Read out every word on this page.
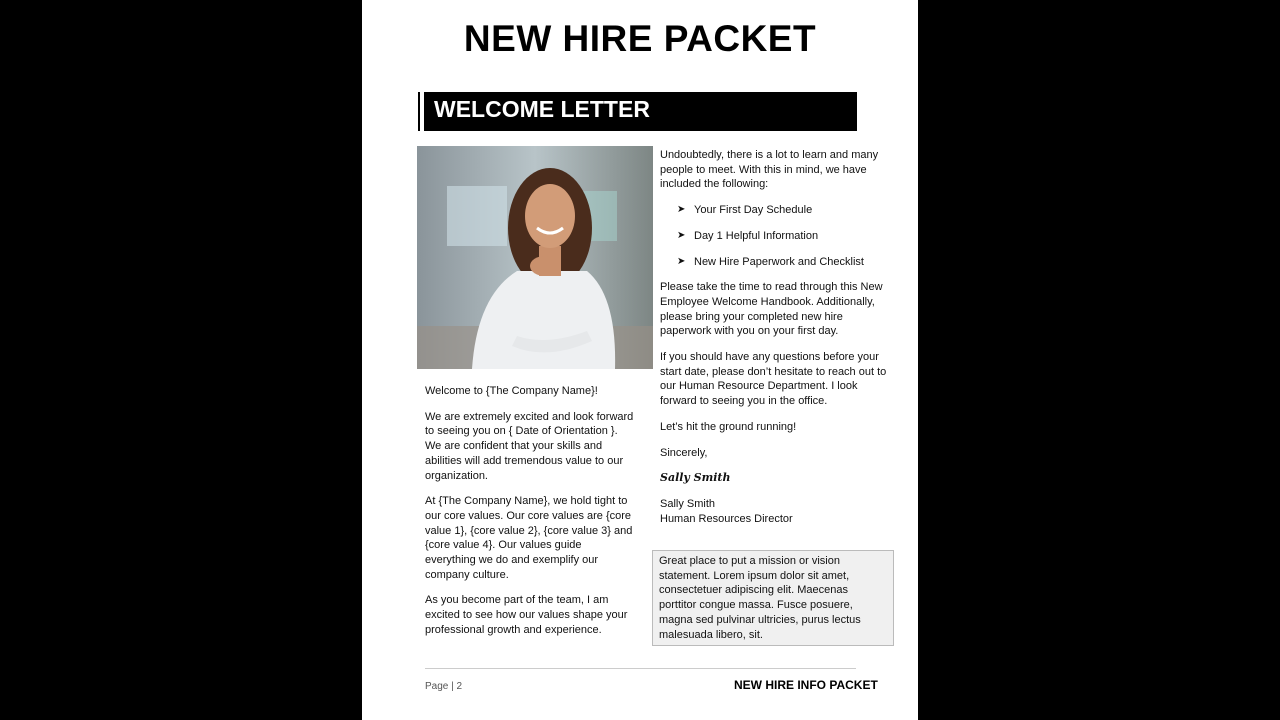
NEW HIRE PACKET
WELCOME LETTER

Welcome to {The Company Name}!

We are extremely excited and look forward to seeing you on { Date of Orientation }. We are confident that your skills and abilities will add tremendous value to our organization.

At {The Company Name}, we hold tight to our core values. Our core values are {core value 1}, {core value 2}, {core value 3} and {core value 4}. Our values guide everything we do and exemplify our company culture.

As you become part of the team, I am excited to see how our values shape your professional growth and experience.

Undoubtedly, there is a lot to learn and many people to meet. With this in mind, we have included the following:

➤ Your First Day Schedule
➤ Day 1 Helpful Information
➤ New Hire Paperwork and Checklist

Please take the time to read through this New Employee Welcome Handbook. Additionally, please bring your completed new hire paperwork with you on your first day.

If you should have any questions before your start date, please don’t hesitate to reach out to our Human Resource Department. I look forward to seeing you in the office.

Let’s hit the ground running!

Sincerely,

Sally Smith

Sally Smith

Human Resources Director

Great place to put a mission or vision statement. Lorem ipsum dolor sit amet, consectetuer adipiscing elit. Maecenas porttitor congue massa. Fusce posuere, magna sed pulvinar ultricies, purus lectus malesuada libero, sit.
Page | 2	NEW HIRE INFO PACKET
